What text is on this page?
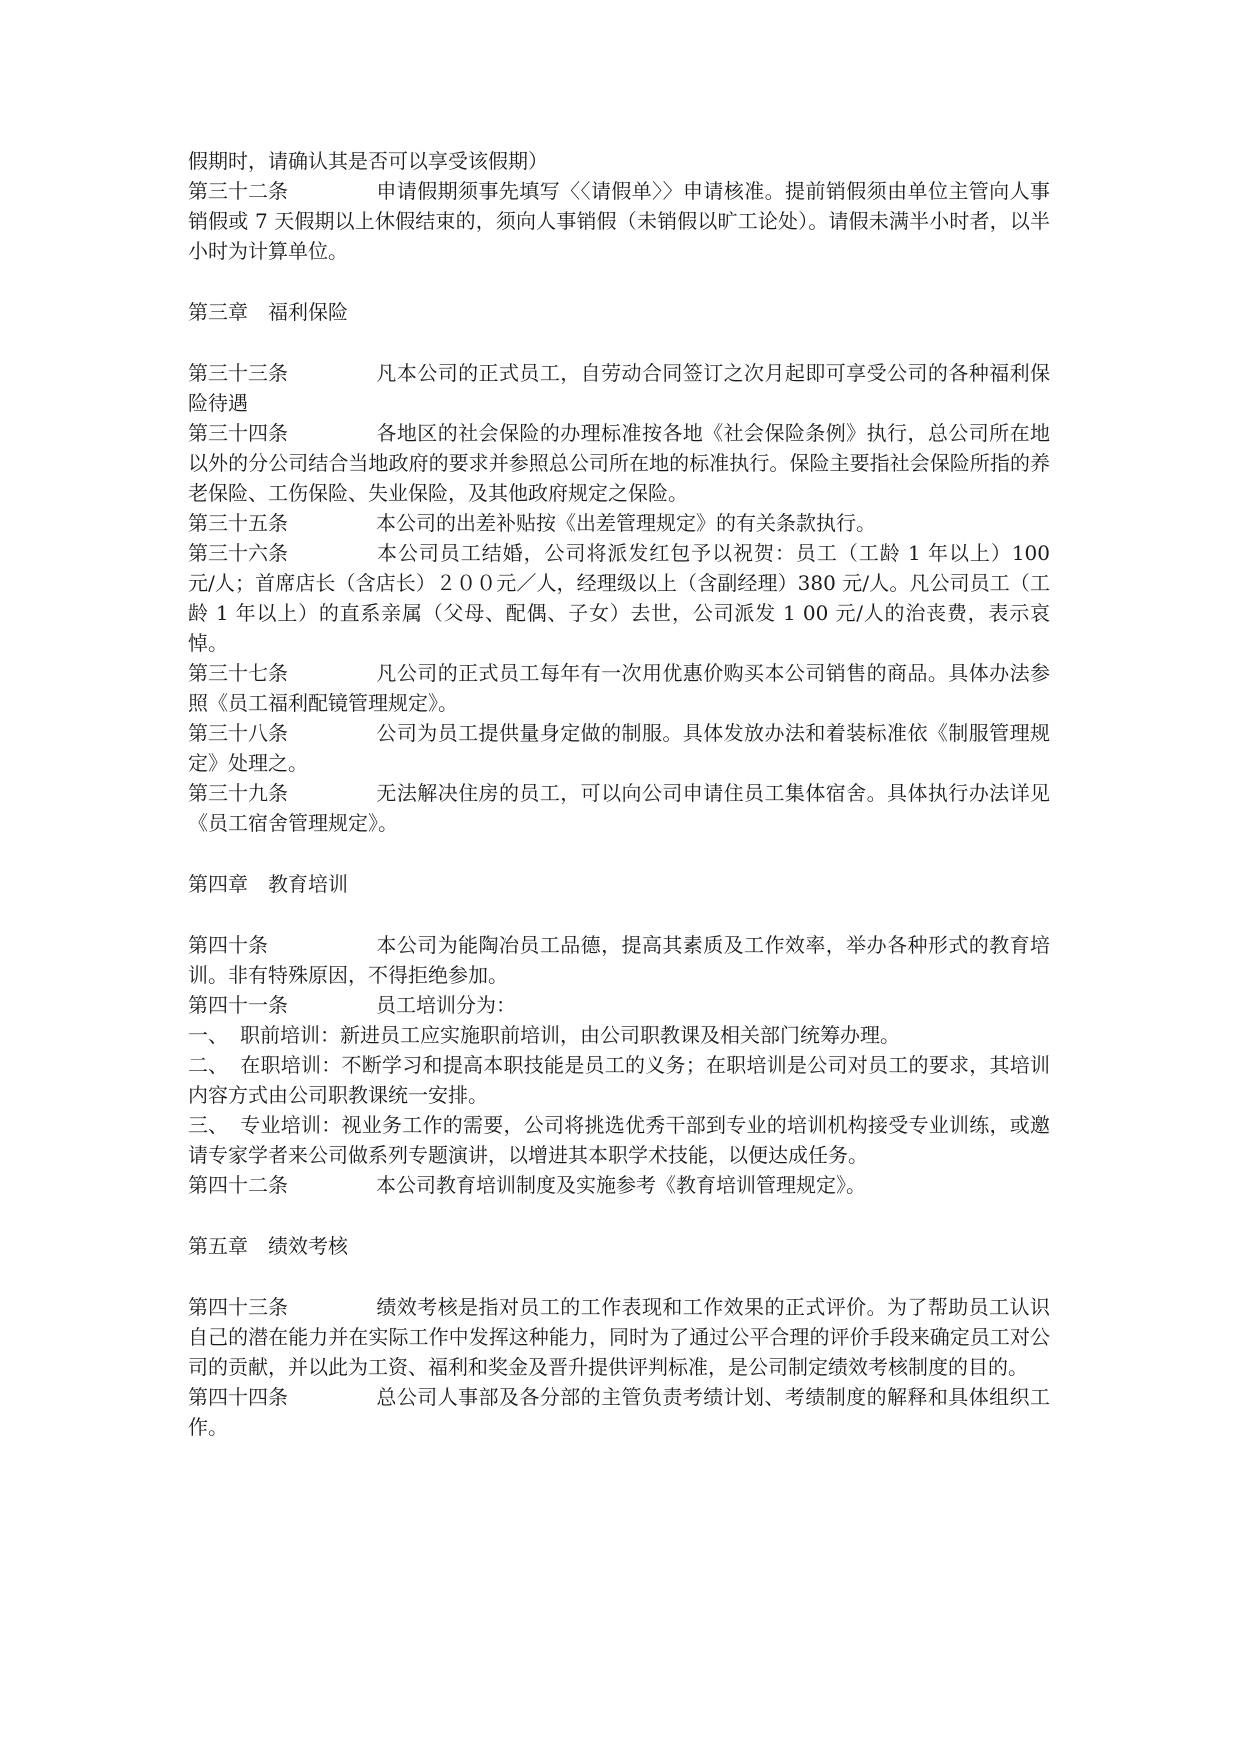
假期时，请确认其是否可以享受该假期）

第三十二条	申请假期须事先填写〈〈请假单〉〉申请核准。提前销假须由单位主管向人事销假或 7 天假期以上休假结束的，须向人事销假（未销假以旷工论处）。请假未满半小时者，以半小时为计算单位。

第三章 福利保险

第三十三条	凡本公司的正式员工，自劳动合同签订之次月起即可享受公司的各种福利保险待遇

第三十四条	各地区的社会保险的办理标准按各地《社会保险条例》执行，总公司所在地以外的分公司结合当地政府的要求并参照总公司所在地的标准执行。保险主要指社会保险所指的养老保险、工伤保险、失业保险，及其他政府规定之保险。

第三十五条	本公司的出差补贴按《出差管理规定》的有关条款执行。

第三十六条	本公司员工结婚，公司将派发红包予以祝贺：员工（工龄 1 年以上）100 元/人；首席店长（含店长）２００元／人，经理级以上（含副经理）380 元/人。凡公司员工（工龄 1 年以上）的直系亲属（父母、配偶、子女）去世，公司派发 1 00 元/人的治丧费，表示哀悼。

第三十七条	凡公司的正式员工每年有一次用优惠价购买本公司销售的商品。具体办法参照《员工福利配镜管理规定》。

第三十八条	公司为员工提供量身定做的制服。具体发放办法和着装标准依《制服管理规定》处理之。

第三十九条	无法解决住房的员工，可以向公司申请住员工集体宿舍。具体执行办法详见《员工宿舍管理规定》。

第四章 教育培训

第四十条	本公司为能陶冶员工品德，提高其素质及工作效率，举办各种形式的教育培训。非有特殊原因，不得拒绝参加。

第四十一条	员工培训分为：

一、 职前培训：新进员工应实施职前培训，由公司职教课及相关部门统筹办理。

二、 在职培训：不断学习和提高本职技能是员工的义务；在职培训是公司对员工的要求，其培训内容方式由公司职教课统一安排。

三、 专业培训：视业务工作的需要，公司将挑选优秀干部到专业的培训机构接受专业训练，或邀请专家学者来公司做系列专题演讲，以增进其本职学术技能，以便达成任务。

第四十二条	本公司教育培训制度及实施参考《教育培训管理规定》。

第五章 绩效考核

第四十三条	绩效考核是指对员工的工作表现和工作效果的正式评价。为了帮助员工认识自己的潜在能力并在实际工作中发挥这种能力，同时为了通过公平合理的评价手段来确定员工对公司的贡献，并以此为工资、福利和奖金及晋升提供评判标准，是公司制定绩效考核制度的目的。

第四十四条	总公司人事部及各分部的主管负责考绩计划、考绩制度的解释和具体组织工作。
